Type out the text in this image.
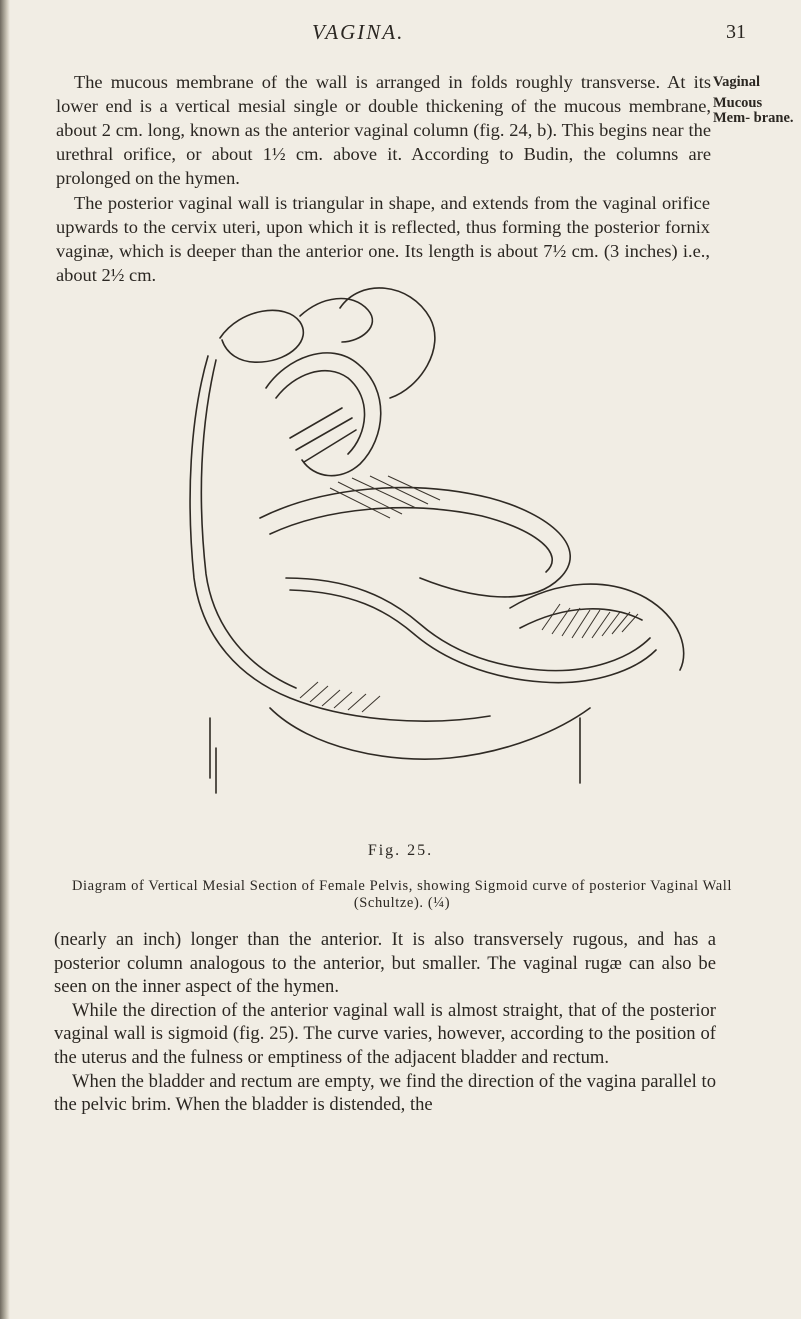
VAGINA.	31

The mucous membrane of the wall is arranged in folds roughly transverse. At its lower end is a vertical mesial single or double thickening of the mucous membrane, about 2 cm. long, known as the anterior vaginal column (fig. 24, b). This begins near the urethral orifice, or about 1½ cm. above it. According to Budin, the columns are prolonged on the hymen.

The posterior vaginal wall is triangular in shape, and extends from the vaginal orifice upwards to the cervix uteri, upon which it is reflected, thus forming the posterior fornix vaginæ, which is deeper than the anterior one. Its length is about 7½ cm. (3 inches) i.e., about 2½ cm.

Vaginal
Mucous Mem- brane.
Fig. 25.
Diagram of Vertical Mesial Section of Female Pelvis, showing Sigmoid curve of posterior Vaginal Wall (Schultze). (¼)

(nearly an inch) longer than the anterior. It is also transversely rugous, and has a posterior column analogous to the anterior, but smaller. The vaginal rugæ can also be seen on the inner aspect of the hymen.

While the direction of the anterior vaginal wall is almost straight, that of the posterior vaginal wall is sigmoid (fig. 25). The curve varies, however, according to the position of the uterus and the fulness or emptiness of the adjacent bladder and rectum.

When the bladder and rectum are empty, we find the direction of the vagina parallel to the pelvic brim. When the bladder is distended, the
